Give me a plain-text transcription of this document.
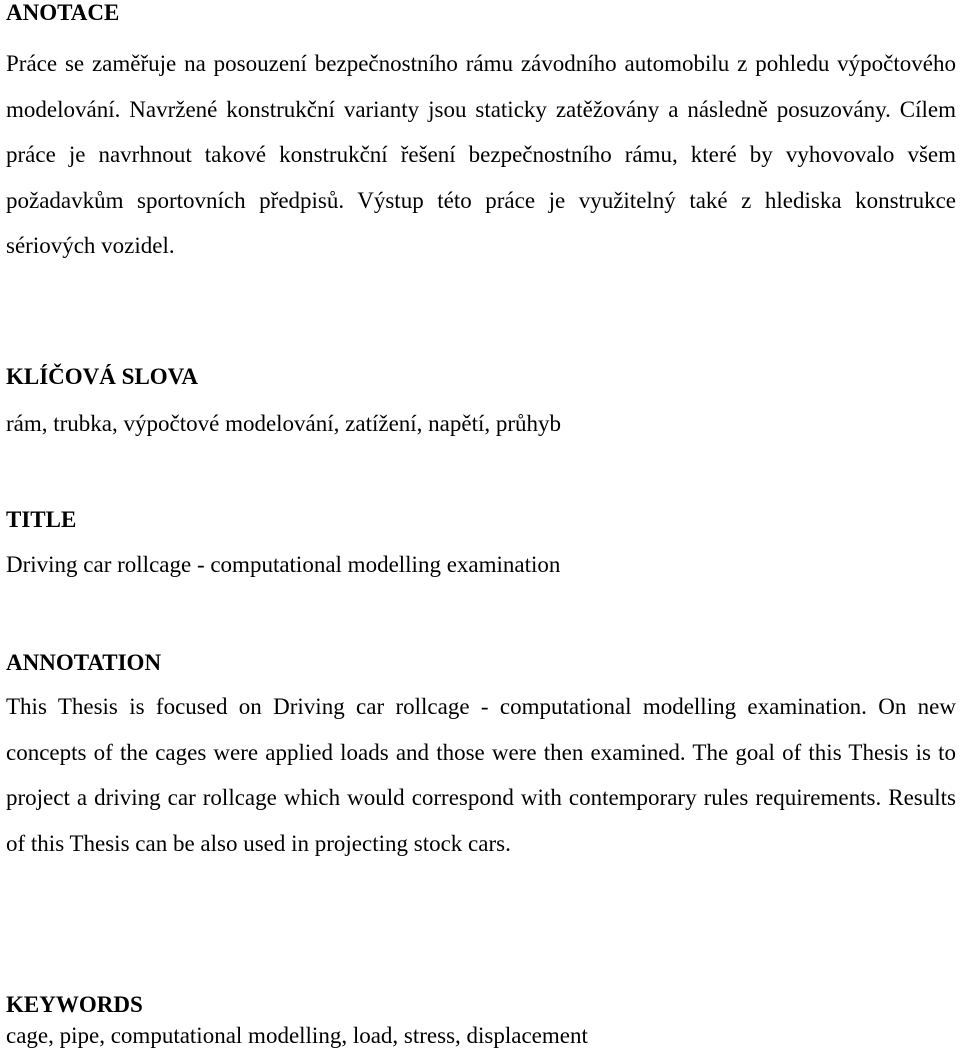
ANOTACE
Práce se zaměřuje na posouzení bezpečnostního rámu závodního automobilu z pohledu výpočtového modelování. Navržené konstrukční varianty jsou staticky zatěžovány a následně posuzovány. Cílem práce je navrhnout takové konstrukční řešení bezpečnostního rámu, které by vyhovovalo všem požadavkům sportovních předpisů. Výstup této práce je využitelný také z hlediska konstrukce sériových vozidel.
KLÍČOVÁ SLOVA
rám, trubka, výpočtové modelování, zatížení, napětí, průhyb
TITLE
Driving car rollcage - computational modelling examination
ANNOTATION
This Thesis is focused on Driving car rollcage - computational modelling examination. On new concepts of the cages were applied loads and those were then examined. The goal of this Thesis is to project a driving car rollcage which would correspond with contemporary rules requirements. Results of this Thesis can be also used in projecting stock cars.
KEYWORDS
cage, pipe, computational modelling, load, stress, displacement
